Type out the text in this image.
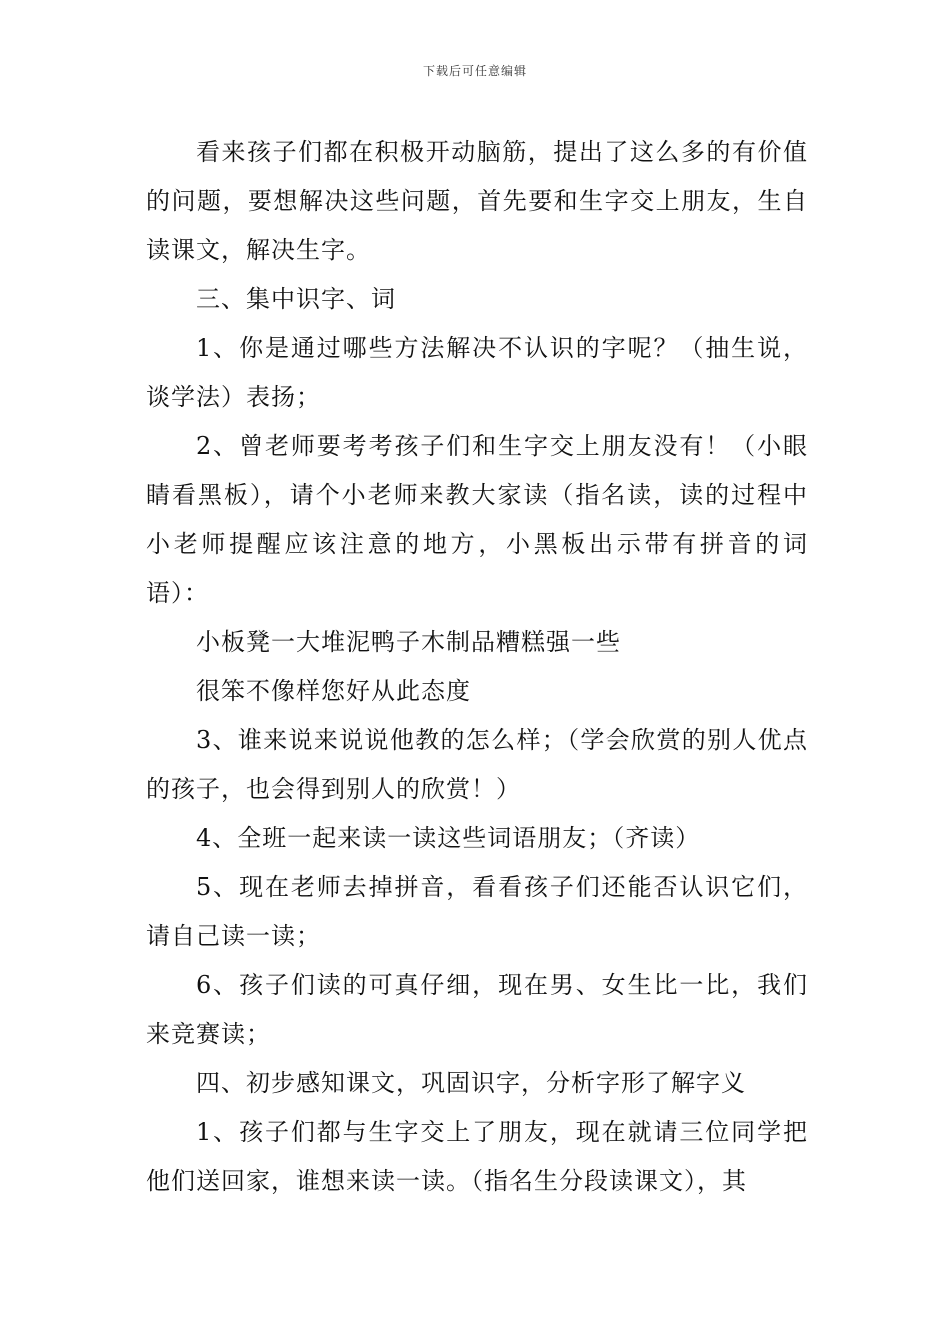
下载后可任意编辑

看来孩子们都在积极开动脑筋，提出了这么多的有价值的问题，要想解决这些问题，首先要和生字交上朋友，生自读课文，解决生字。

三、集中识字、词

1、你是通过哪些方法解决不认识的字呢？（抽生说，谈学法）表扬；

2、曾老师要考考孩子们和生字交上朋友没有！（小眼睛看黑板），请个小老师来教大家读（指名读，读的过程中小老师提醒应该注意的地方，小黑板出示带有拼音的词语）：

小板凳一大堆泥鸭子木制品糟糕强一些

很笨不像样您好从此态度

3、谁来说来说说他教的怎么样；（学会欣赏的别人优点的孩子，也会得到别人的欣赏！）

4、全班一起来读一读这些词语朋友；（齐读）

5、现在老师去掉拼音，看看孩子们还能否认识它们，请自己读一读；

6、孩子们读的可真仔细，现在男、女生比一比，我们来竞赛读；

四、初步感知课文，巩固识字，分析字形了解字义

1、孩子们都与生字交上了朋友，现在就请三位同学把他们送回家，谁想来读一读。（指名生分段读课文），其
